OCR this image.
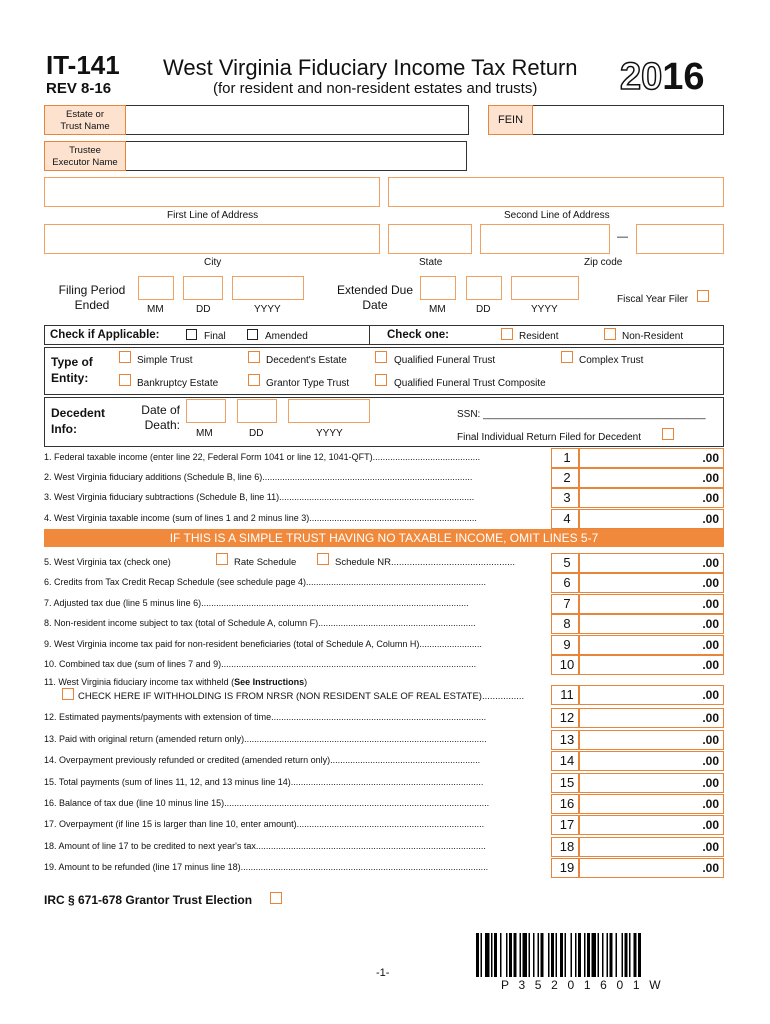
IT-141
REV 8-16
West Virginia Fiduciary Income Tax Return
(for resident and non-resident estates and trusts) 2016
Estate or
Trust Name
FEIN
Trustee
Executor Name
First Line of Address	Second Line of Address
—
City	State	Zip code
Filing Period
Ended	MM	DD	YYYY
Extended Due
Date	MM	DD	YYYY
Fiscal Year Filer
Check if Applicable:	Final	Amended	Check one:	Resident	Non-Resident
Type of
Entity:
Simple Trust	Decedent's Estate	Qualified Funeral Trust	Complex Trust
Bankruptcy Estate	Grantor Type Trust	Qualified Funeral Trust Composite
Decedent
Info:
Date of
Death:
MM	DD	YYYY
SSN: ________________________________________
Final Individual Return Filed for Decedent
1. Federal taxable income (enter line 22, Federal Form 1041 or line 12, 1041-QFT)...........................................	1	.00
2. West Virginia fiduciary additions (Schedule B, line 6)....................................................................................	2	.00
3. West Virginia fiduciary subtractions (Schedule B, line 11)..............................................................................	3	.00
4. West Virginia taxable income (sum of lines 1 and 2 minus line 3)...................................................................	4	.00
IF THIS IS A SIMPLE TRUST HAVING NO TAXABLE INCOME, OMIT LINES 5-7
5. West Virginia tax (check one)	Rate Schedule	Schedule NR...............................................	5	.00
6. Credits from Tax Credit Recap Schedule (see schedule page 4)........................................................................	6	.00
7. Adjusted tax due (line 5 minus line 6)...........................................................................................................	7	.00
8. Non-resident income subject to tax (total of Schedule A, column F)...............................................................	8	.00
9. West Virginia income tax paid for non-resident beneficiaries (total of Schedule A, Column H).........................	9	.00
10. Combined tax due (sum of lines 7 and 9)......................................................................................................	10	.00
11. West Virginia fiduciary income tax withheld (See Instructions)
CHECK HERE IF WITHHOLDING IS FROM NRSR (NON RESIDENT SALE OF REAL ESTATE)................	11	.00
12. Estimated payments/payments with extension of time......................................................................................	12	.00
13. Paid with original return (amended return only).................................................................................................	13	.00
14. Overpayment previously refunded or credited (amended return only)............................................................	14	.00
15. Total payments (sum of lines 11, 12, and 13 minus line 14).............................................................................	15	.00
16. Balance of tax due (line 10 minus line 15)..........................................................................................................	16	.00
17. Overpayment (if line 15 is larger than line 10, enter amount)...........................................................................	17	.00
18. Amount of line 17 to be credited to next year's tax............................................................................................	18	.00
19. Amount to be refunded (line 17 minus line 18)...................................................................................................	19	.00
IRC § 671-678 Grantor Trust Election
-1-
P  3  5  2  0  1  6  0  1  W
